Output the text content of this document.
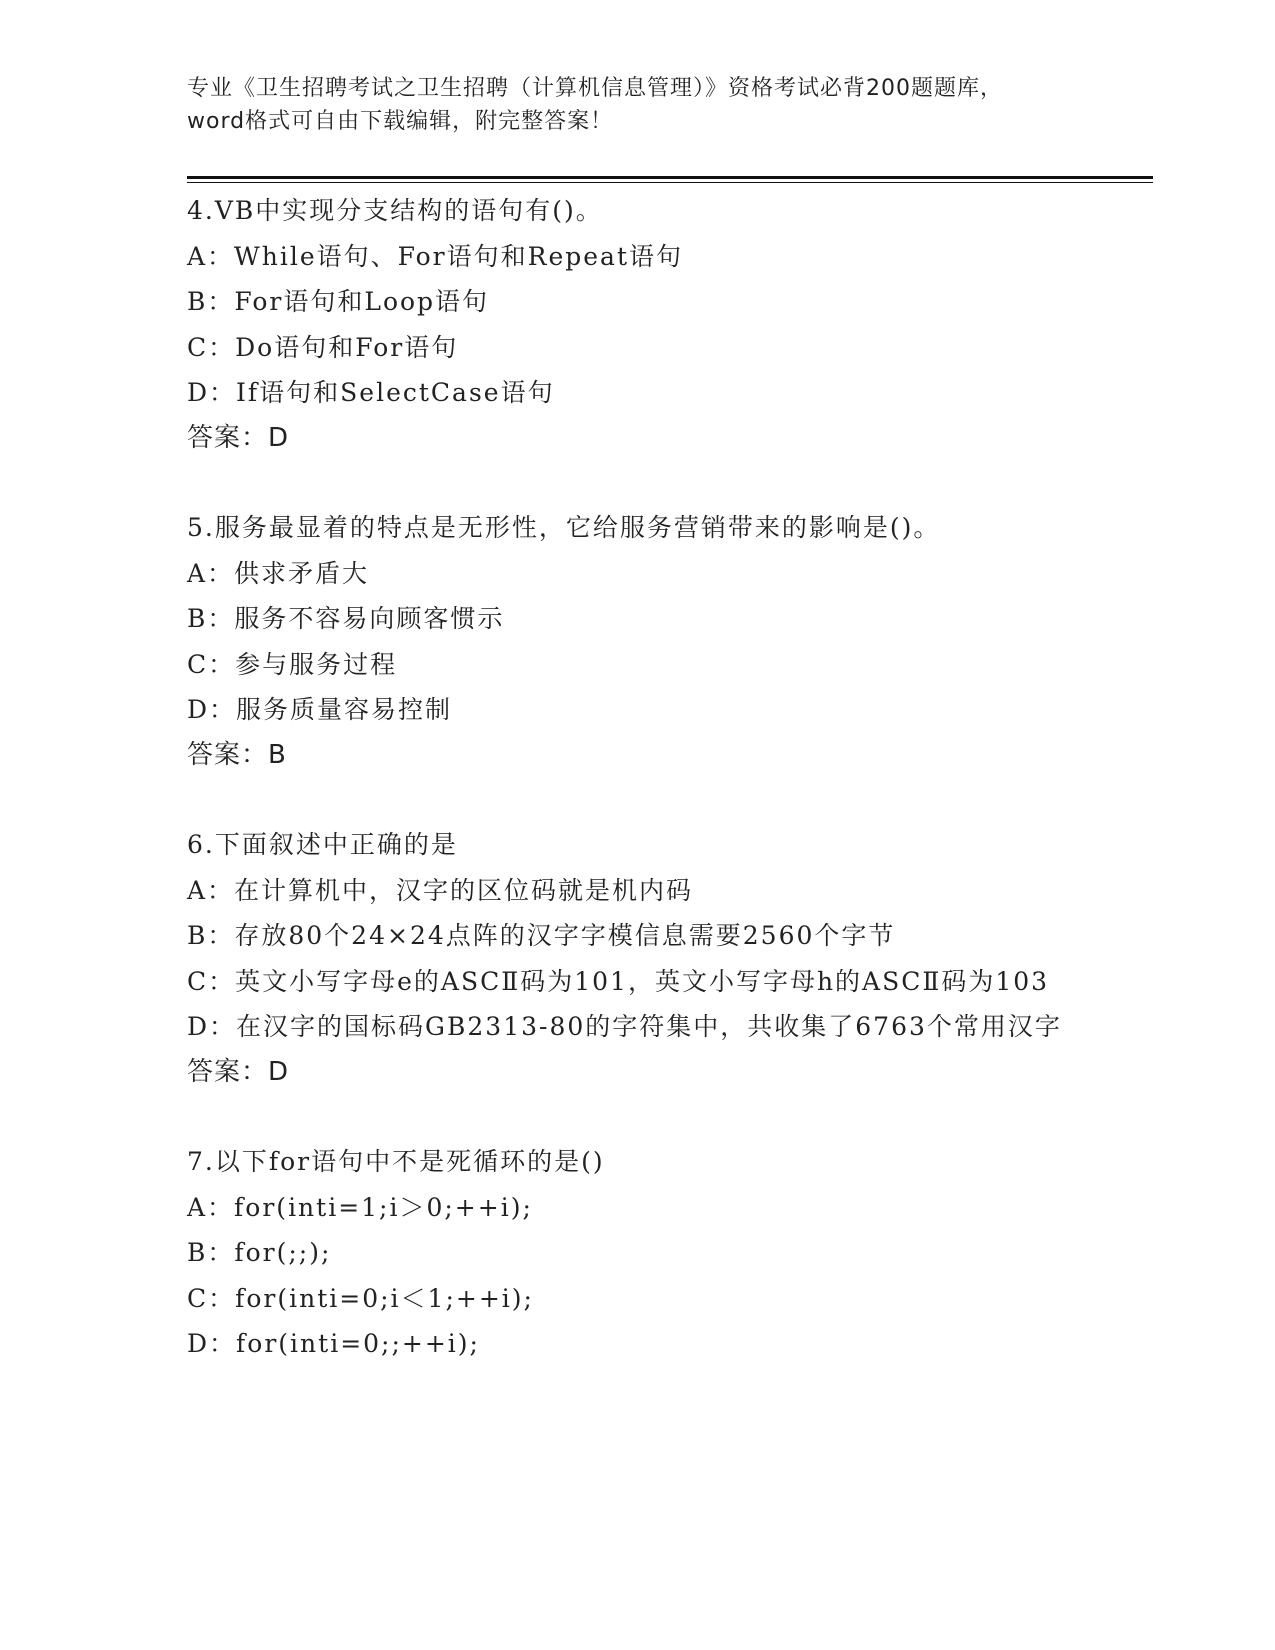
专业《卫生招聘考试之卫生招聘（计算机信息管理）》资格考试必背200题题库，
word格式可自由下载编辑，附完整答案！
4.VB中实现分支结构的语句有()。
A：While语句、For语句和Repeat语句
B：For语句和Loop语句
C：Do语句和For语句
D：If语句和SelectCase语句
答案：D
5.服务最显着的特点是无形性，它给服务营销带来的影响是()。
A：供求矛盾大
B：服务不容易向顾客惯示
C：参与服务过程
D：服务质量容易控制
答案：B
6.下面叙述中正确的是
A：在计算机中，汉字的区位码就是机内码
B：存放80个24×24点阵的汉字字模信息需要2560个字节
C：英文小写字母e的ASCⅡ码为101，英文小写字母h的ASCⅡ码为103
D：在汉字的国标码GB2313-80的字符集中，共收集了6763个常用汉字
答案：D
7.以下for语句中不是死循环的是()
A：for(inti=1;i＞0;++i);
B：for(;;);
C：for(inti=0;i＜1;++i);
D：for(inti=0;;++i);
